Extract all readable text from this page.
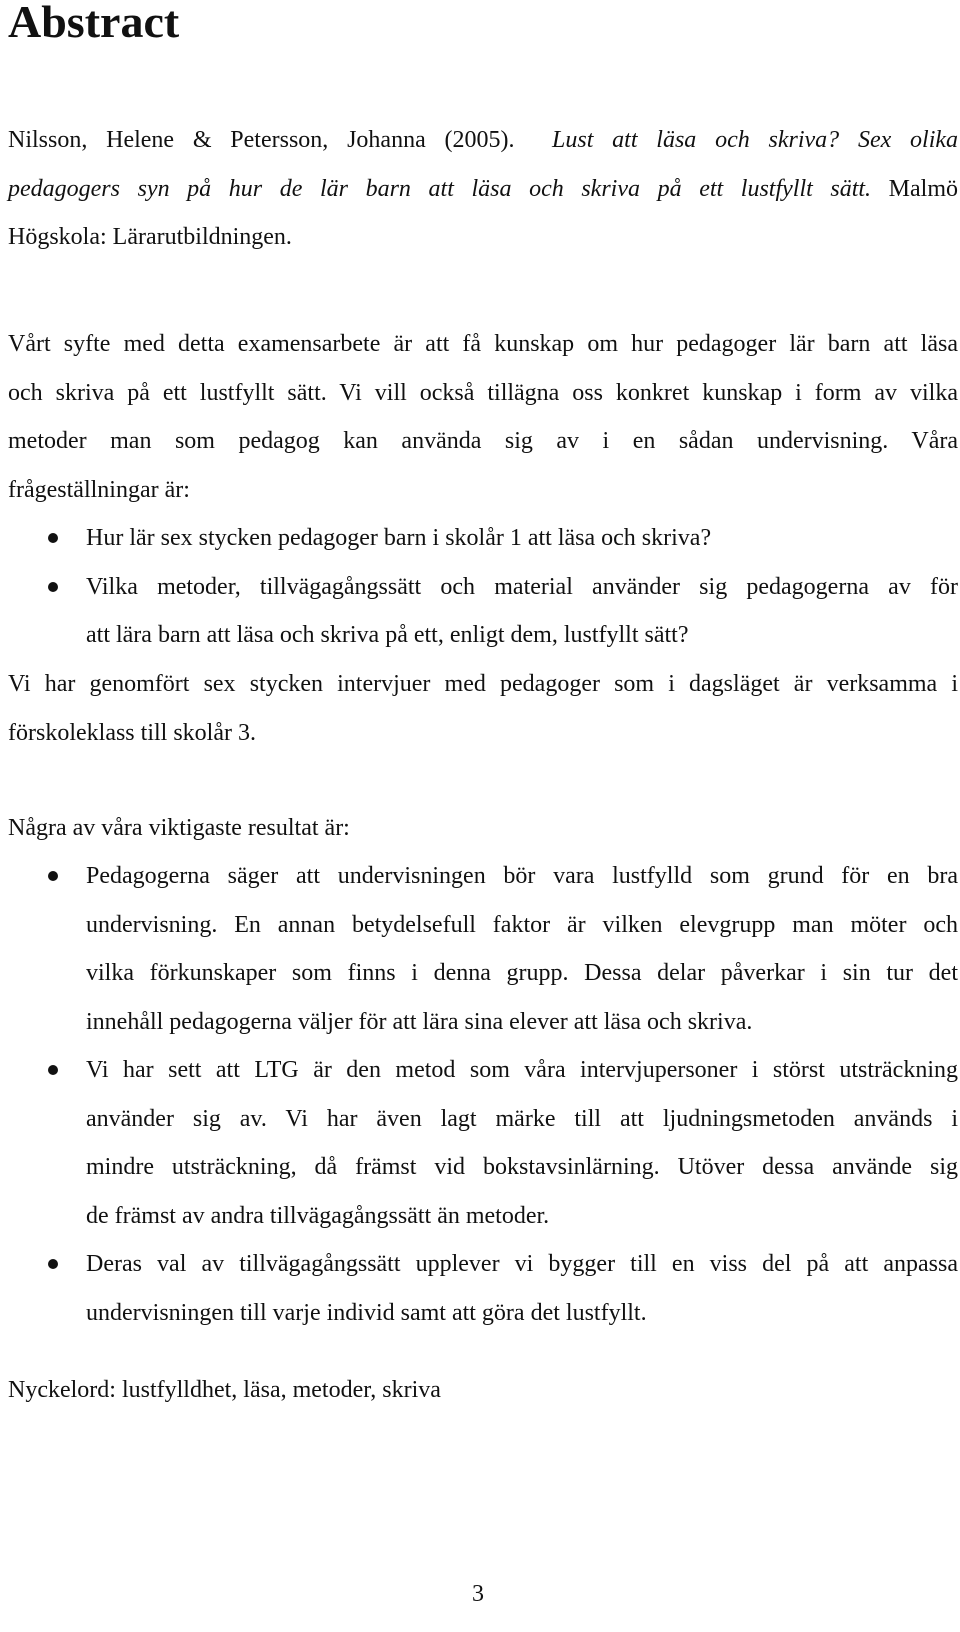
Abstract
Nilsson, Helene & Petersson, Johanna (2005). Lust att läsa och skriva? Sex olika
pedagogers syn på hur de lär barn att läsa och skriva på ett lustfyllt sätt. Malmö
Högskola: Lärarutbildningen.
Vårt syfte med detta examensarbete är att få kunskap om hur pedagoger lär barn att läsa
och skriva på ett lustfyllt sätt. Vi vill också tillägna oss konkret kunskap i form av vilka
metoder man som pedagog kan använda sig av i en sådan undervisning. Våra
frågeställningar är:
Hur lär sex stycken pedagoger barn i skolår 1 att läsa och skriva?
Vilka metoder, tillvägagångssätt och material använder sig pedagogerna av för
att lära barn att läsa och skriva på ett, enligt dem, lustfyllt sätt?
Vi har genomfört sex stycken intervjuer med pedagoger som i dagsläget är verksamma i
förskoleklass till skolår 3.
Några av våra viktigaste resultat är:
Pedagogerna säger att undervisningen bör vara lustfylld som grund för en bra
undervisning. En annan betydelsefull faktor är vilken elevgrupp man möter och
vilka förkunskaper som finns i denna grupp. Dessa delar påverkar i sin tur det
innehåll pedagogerna väljer för att lära sina elever att läsa och skriva.
Vi har sett att LTG är den metod som våra intervjupersoner i störst utsträckning
använder sig av. Vi har även lagt märke till att ljudningsmetoden används i
mindre utsträckning, då främst vid bokstavsinlärning. Utöver dessa använde sig
de främst av andra tillvägagångssätt än metoder.
Deras val av tillvägagångssätt upplever vi bygger till en viss del på att anpassa
undervisningen till varje individ samt att göra det lustfyllt.
Nyckelord: lustfylldhet, läsa, metoder, skriva
3
